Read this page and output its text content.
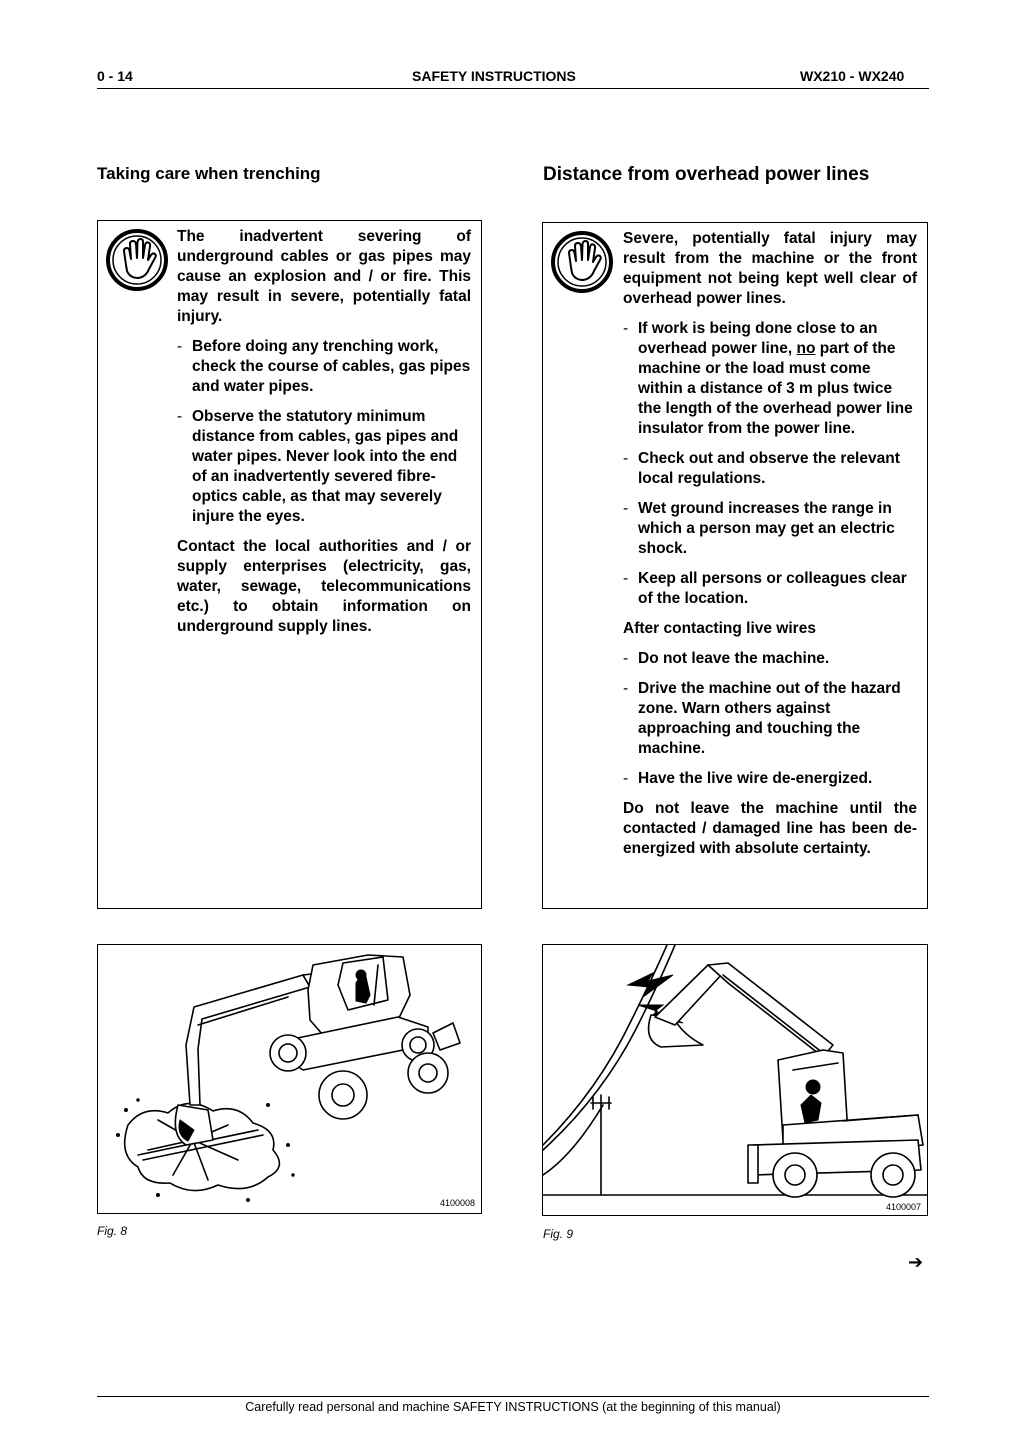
0 - 14	SAFETY INSTRUCTIONS	WX210 - WX240
Taking care when trenching	Distance from overhead power lines

The inadvertent severing of underground cables or gas pipes may cause an explosion and / or fire. This may result in severe, potentially fatal injury.

- Before doing any trenching work, check the course of cables, gas pipes and water pipes.
- Observe the statutory minimum distance from cables, gas pipes and water pipes. Never look into the end of an inadvertently severed fibre-optics cable, as that may severely injure the eyes.

Contact the local authorities and / or supply enterprises (electricity, gas, water, sewage, telecommunications etc.) to obtain information on underground supply lines.

Severe, potentially fatal injury may result from the machine or the front equipment not being kept well clear of overhead power lines.

- If work is being done close to an overhead power line, no part of the machine or the load must come within a distance of 3 m plus twice the length of the overhead power line insulator from the power line.
- Check out and observe the relevant local regulations.
- Wet ground increases the range in which a person may get an electric shock.
- Keep all persons or colleagues clear of the location.

After contacting live wires

- Do not leave the machine.
- Drive the machine out of the hazard zone. Warn others against approaching and touching the machine.
- Have the live wire de-energized.

Do not leave the machine until the contacted / damaged line has been de-energized with absolute certainty.

4100008
Fig. 8
4100007
Fig. 9
➔
Carefully read personal and machine SAFETY INSTRUCTIONS (at the beginning of this manual)
